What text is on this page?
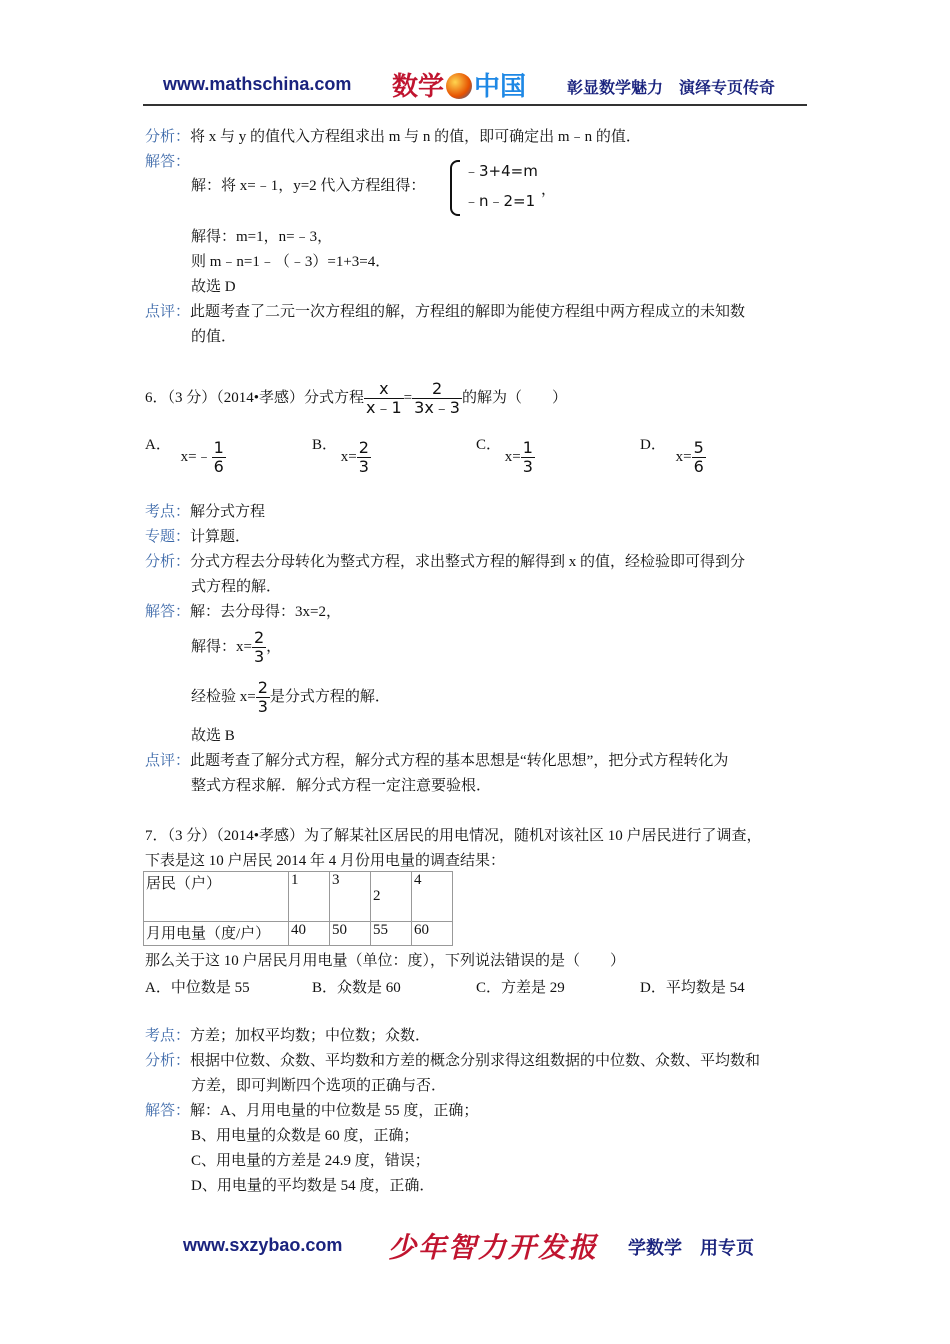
www.mathschina.com 数学 中国	彰显数学魅力　演绎专页传奇
分析：将 x 与 y 的值代入方程组求出 m 与 n 的值，即可确定出 m﹣n 的值．
解答：
解：将 x=﹣1，y=2 代入方程组得：
﹣3+4=m
﹣n﹣2=1
，
解得：m=1，n=﹣3，
则 m﹣n=1﹣（﹣3）=1+3=4．
故选 D
点评：此题考查了二元一次方程组的解，方程组的解即为能使方程组中两方程成立的未知数
的值．
6．（3 分）（2014•孝感）分式方程 $\frac{x}{x﹣1} = \frac{2}{3x﹣3}$ 的解为（　　）
A． x=﹣ $\frac{1}{6}$	B． $x= \frac{2}{3}$	C． $x= \frac{1}{3}$	D． $x= \frac{5}{6}$
考点：解分式方程
专题：计算题．
分析：分式方程去分母转化为整式方程，求出整式方程的解得到 x 的值，经检验即可得到分
式方程的解．
解答：解：去分母得：3x=2，
解得：$x= \frac{2}{3}$ ，
经检验 $x= \frac{2}{3}$ 是分式方程的解．
故选 B
点评：此题考查了解分式方程，解分式方程的基本思想是“转化思想”，把分式方程转化为
整式方程求解．解分式方程一定注意要验根．
7．（3 分）（2014•孝感）为了解某社区居民的用电情况，随机对该社区 10 户居民进行了调查，
下表是这 10 户居民 2014 年 4 月份用电量的调查结果：
居民（户）	1	3	2	4
月用电量（度/户）	40	50	55	60
那么关于这 10 户居民月用电量（单位：度），下列说法错误的是（　　）
A．中位数是 55	B．众数是 60	C．方差是 29	D．平均数是 54
考点：方差；加权平均数；中位数；众数．
分析：根据中位数、众数、平均数和方差的概念分别求得这组数据的中位数、众数、平均数和
方差，即可判断四个选项的正确与否．
解答：解：A、月用电量的中位数是 55 度，正确；
B、用电量的众数是 60 度，正确；
C、用电量的方差是 24.9 度，错误；
D、用电量的平均数是 54 度，正确．
www.sxzybao.com 少年智力开发报 学数学　用专页
